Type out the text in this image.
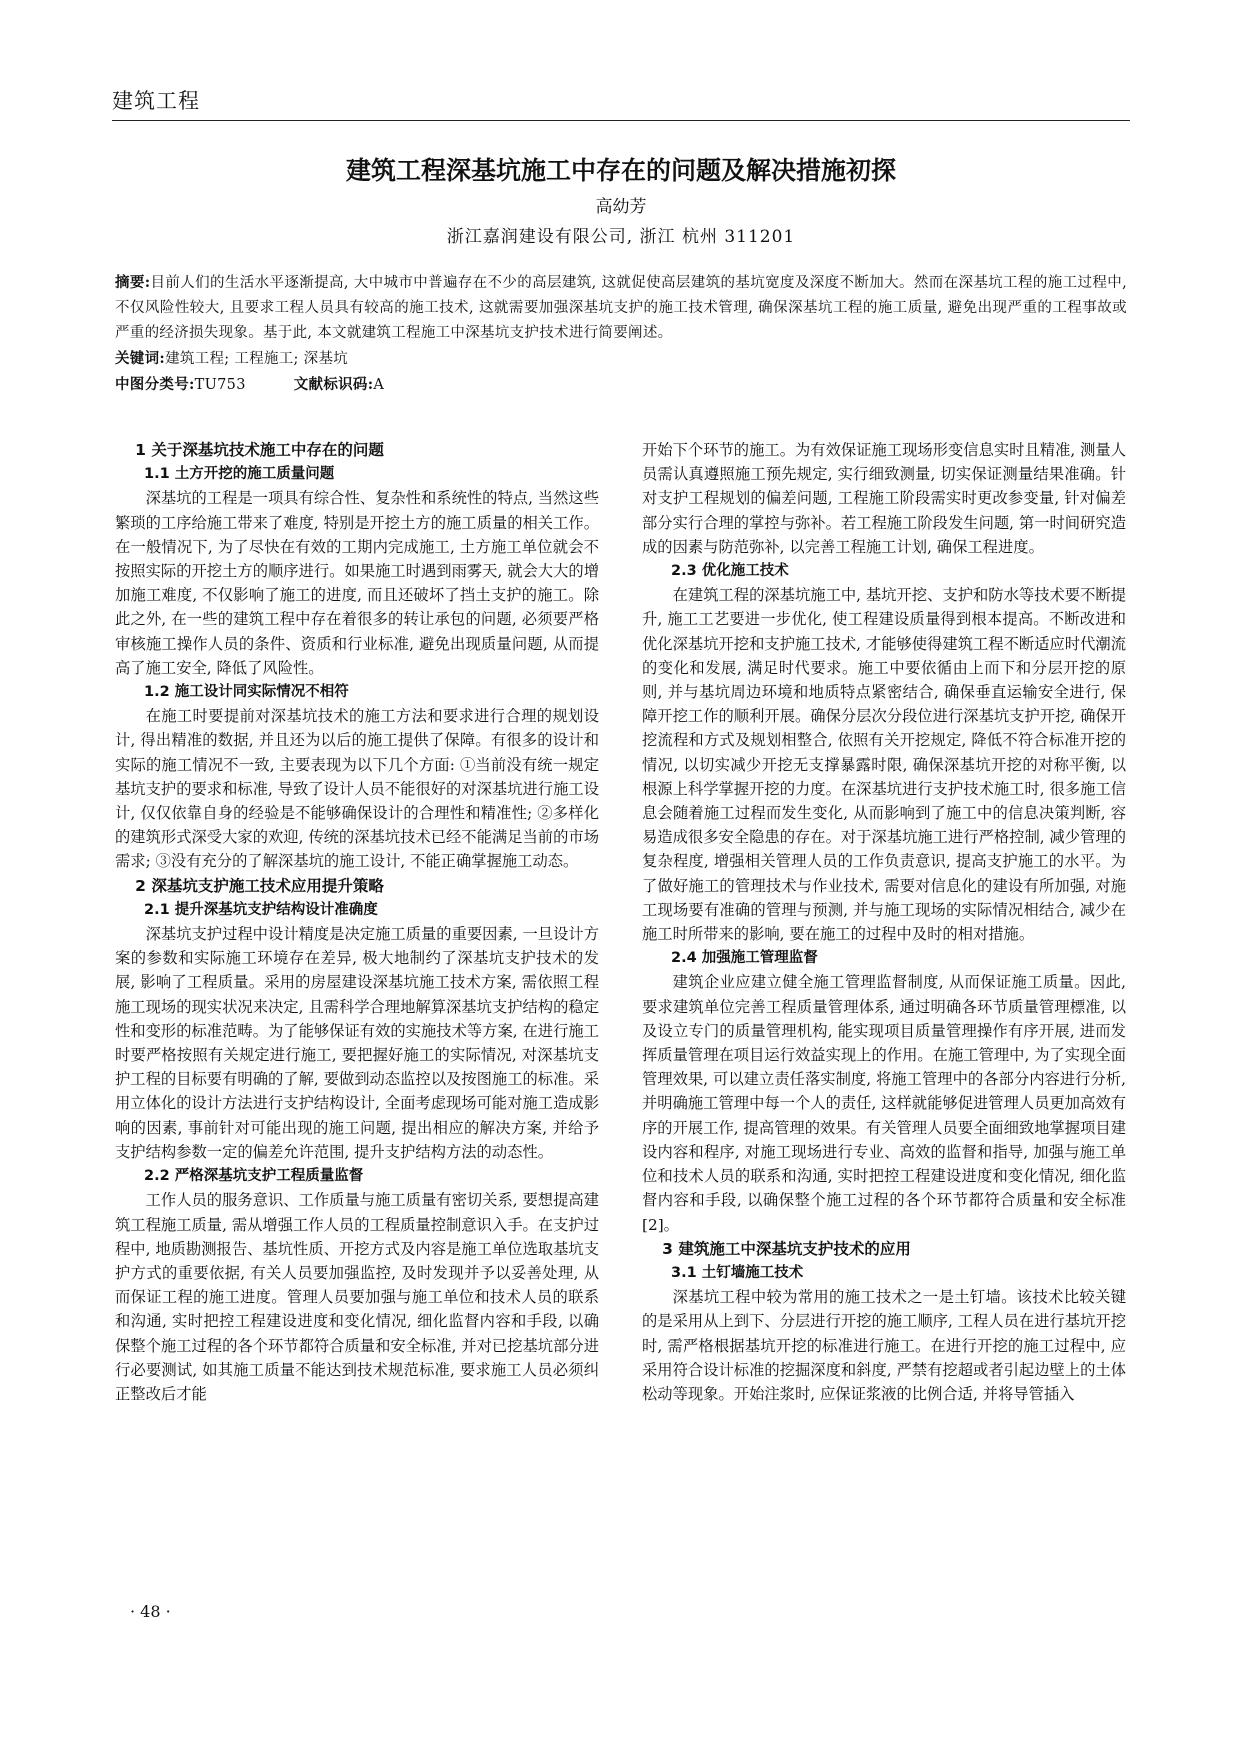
建筑工程
建筑工程深基坑施工中存在的问题及解决措施初探
高幼芳
浙江嘉润建设有限公司, 浙江 杭州 311201

摘要:目前人们的生活水平逐渐提高, 大中城市中普遍存在不少的高层建筑, 这就促使高层建筑的基坑宽度及深度不断加大。然而在深基坑工程的施工过程中, 不仅风险性较大, 且要求工程人员具有较高的施工技术, 这就需要加强深基坑支护的施工技术管理, 确保深基坑工程的施工质量, 避免出现严重的工程事故或严重的经济损失现象。基于此, 本文就建筑工程施工中深基坑支护技术进行简要阐述。

关键词:建筑工程; 工程施工; 深基坑

中图分类号:TU753	文献标识码:A

1 关于深基坑技术施工中存在的问题
1.1 土方开挖的施工质量问题

深基坑的工程是一项具有综合性、复杂性和系统性的特点, 当然这些繁琐的工序给施工带来了难度, 特别是开挖土方的施工质量的相关工作。在一般情况下, 为了尽快在有效的工期内完成施工, 土方施工单位就会不按照实际的开挖土方的顺序进行。如果施工时遇到雨雾天, 就会大大的增加施工难度, 不仅影响了施工的进度, 而且还破坏了挡土支护的施工。除此之外, 在一些的建筑工程中存在着很多的转让承包的问题, 必须要严格审核施工操作人员的条件、资质和行业标准, 避免出现质量问题, 从而提高了施工安全, 降低了风险性。

1.2 施工设计同实际情况不相符

在施工时要提前对深基坑技术的施工方法和要求进行合理的规划设计, 得出精准的数据, 并且还为以后的施工提供了保障。有很多的设计和实际的施工情况不一致, 主要表现为以下几个方面: ①当前没有统一规定基坑支护的要求和标准, 导致了设计人员不能很好的对深基坑进行施工设计, 仅仅依靠自身的经验是不能够确保设计的合理性和精准性; ②多样化的建筑形式深受大家的欢迎, 传统的深基坑技术已经不能满足当前的市场需求; ③没有充分的了解深基坑的施工设计, 不能正确掌握施工动态。

2 深基坑支护施工技术应用提升策略
2.1 提升深基坑支护结构设计准确度

深基坑支护过程中设计精度是决定施工质量的重要因素, 一旦设计方案的参数和实际施工环境存在差异, 极大地制约了深基坑支护技术的发展, 影响了工程质量。采用的房屋建设深基坑施工技术方案, 需依照工程施工现场的现实状况来决定, 且需科学合理地解算深基坑支护结构的稳定性和变形的标准范畴。为了能够保证有效的实施技术等方案, 在进行施工时要严格按照有关规定进行施工, 要把握好施工的实际情况, 对深基坑支护工程的目标要有明确的了解, 要做到动态监控以及按图施工的标准。采用立体化的设计方法进行支护结构设计, 全面考虑现场可能对施工造成影响的因素, 事前针对可能出现的施工问题, 提出相应的解决方案, 并给予支护结构参数一定的偏差允许范围, 提升支护结构方法的动态性。

2.2 严格深基坑支护工程质量监督

工作人员的服务意识、工作质量与施工质量有密切关系, 要想提高建筑工程施工质量, 需从增强工作人员的工程质量控制意识入手。在支护过程中, 地质勘测报告、基坑性质、开挖方式及内容是施工单位选取基坑支护方式的重要依据, 有关人员要加强监控, 及时发现并予以妥善处理, 从而保证工程的施工进度。管理人员要加强与施工单位和技术人员的联系和沟通, 实时把控工程建设进度和变化情况, 细化监督内容和手段, 以确保整个施工过程的各个环节都符合质量和安全标准, 并对已挖基坑部分进行必要测试, 如其施工质量不能达到技术规范标准, 要求施工人员必须纠正整改后才能

开始下个环节的施工。为有效保证施工现场形变信息实时且精准, 测量人员需认真遵照施工预先规定, 实行细致测量, 切实保证测量结果准确。针对支护工程规划的偏差问题, 工程施工阶段需实时更改参变量, 针对偏差部分实行合理的掌控与弥补。若工程施工阶段发生问题, 第一时间研究造成的因素与防范弥补, 以完善工程施工计划, 确保工程进度。

2.3 优化施工技术

在建筑工程的深基坑施工中, 基坑开挖、支护和防水等技术要不断提升, 施工工艺要进一步优化, 使工程建设质量得到根本提高。不断改进和优化深基坑开挖和支护施工技术, 才能够使得建筑工程不断适应时代潮流的变化和发展, 满足时代要求。施工中要依循由上而下和分层开挖的原则, 并与基坑周边环境和地质特点紧密结合, 确保垂直运输安全进行, 保障开挖工作的顺利开展。确保分层次分段位进行深基坑支护开挖, 确保开挖流程和方式及规划相整合, 依照有关开挖规定, 降低不符合标准开挖的情况, 以切实减少开挖无支撑暴露时限, 确保深基坑开挖的对称平衡, 以根源上科学掌握开挖的力度。在深基坑进行支护技术施工时, 很多施工信息会随着施工过程而发生变化, 从而影响到了施工中的信息决策判断, 容易造成很多安全隐患的存在。对于深基坑施工进行严格控制, 减少管理的复杂程度, 增强相关管理人员的工作负责意识, 提高支护施工的水平。为了做好施工的管理技术与作业技术, 需要对信息化的建设有所加强, 对施工现场要有准确的管理与预测, 并与施工现场的实际情况相结合, 减少在施工时所带来的影响, 要在施工的过程中及时的相对措施。

2.4 加强施工管理监督

建筑企业应建立健全施工管理监督制度, 从而保证施工质量。因此, 要求建筑单位完善工程质量管理体系, 通过明确各环节质量管理標准, 以及设立专门的质量管理机构, 能实现项目质量管理操作有序开展, 进而发挥质量管理在项目运行效益实现上的作用。在施工管理中, 为了实现全面管理效果, 可以建立责任落实制度, 将施工管理中的各部分内容进行分析, 并明确施工管理中每一个人的责任, 这样就能够促进管理人员更加高效有序的开展工作, 提高管理的效果。有关管理人员要全面细致地掌握项目建设内容和程序, 对施工现场进行专业、高效的监督和指导, 加强与施工单位和技术人员的联系和沟通, 实时把控工程建设进度和变化情况, 细化监督内容和手段, 以确保整个施工过程的各个环节都符合质量和安全标准[2]。

3 建筑施工中深基坑支护技术的应用
3.1 土钉墙施工技术

深基坑工程中较为常用的施工技术之一是土钉墙。该技术比较关键的是采用从上到下、分层进行开挖的施工顺序, 工程人员在进行基坑开挖时, 需严格根据基坑开挖的标准进行施工。在进行开挖的施工过程中, 应采用符合设计标准的挖掘深度和斜度, 严禁有挖超或者引起边壁上的土体松动等现象。开始注浆时, 应保证浆液的比例合适, 并将导管插入

· 48 ·
